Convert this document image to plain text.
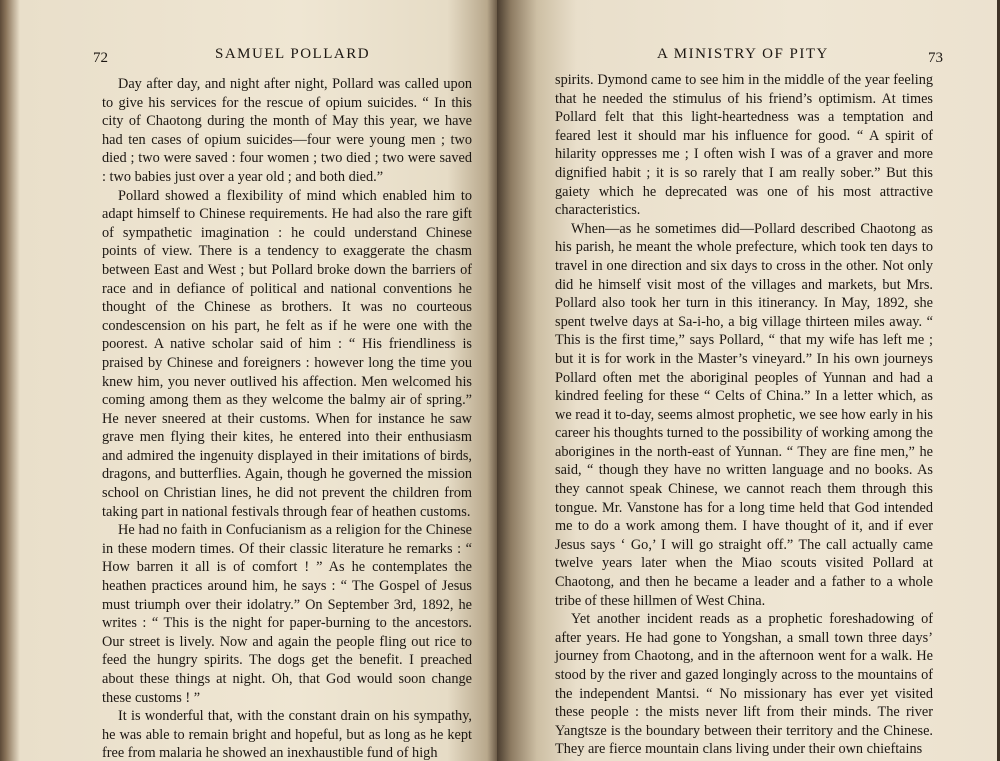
72	SAMUEL POLLARD

Day after day, and night after night, Pollard was called upon to give his services for the rescue of opium suicides. “ In this city of Chaotong during the month of May this year, we have had ten cases of opium suicides—four were young men ; two died ; two were saved : four women ; two died ; two were saved : two babies just over a year old ; and both died.”

Pollard showed a flexibility of mind which enabled him to adapt himself to Chinese requirements. He had also the rare gift of sympathetic imagination : he could understand Chinese points of view. There is a tendency to exaggerate the chasm between East and West ; but Pollard broke down the barriers of race and in defiance of political and national conventions he thought of the Chinese as brothers. It was no courteous condescension on his part, he felt as if he were one with the poorest. A native scholar said of him : “ His friendliness is praised by Chinese and foreigners : however long the time you knew him, you never outlived his affection. Men welcomed his coming among them as they welcome the balmy air of spring.” He never sneered at their customs. When for instance he saw grave men flying their kites, he entered into their enthusiasm and admired the ingenuity displayed in their imitations of birds, dragons, and butterflies. Again, though he governed the mission school on Christian lines, he did not prevent the children from taking part in national festivals through fear of heathen customs.

He had no faith in Confucianism as a religion for the Chinese in these modern times. Of their classic literature he remarks : “ How barren it all is of comfort ! ” As he contemplates the heathen practices around him, he says : “ The Gospel of Jesus must triumph over their idolatry.” On September 3rd, 1892, he writes : “ This is the night for paper-burning to the ancestors. Our street is lively. Now and again the people fling out rice to feed the hungry spirits. The dogs get the benefit. I preached about these things at night. Oh, that God would soon change these customs ! ”

It is wonderful that, with the constant drain on his sympathy, he was able to remain bright and hopeful, but as long as he kept free from malaria he showed an inexhaustible fund of high

A MINISTRY OF PITY	73

spirits. Dymond came to see him in the middle of the year feeling that he needed the stimulus of his friend’s optimism. At times Pollard felt that this light-heartedness was a temptation and feared lest it should mar his influence for good. “ A spirit of hilarity oppresses me ; I often wish I was of a graver and more dignified habit ; it is so rarely that I am really sober.” But this gaiety which he deprecated was one of his most attractive characteristics.

When—as he sometimes did—Pollard described Chaotong as his parish, he meant the whole prefecture, which took ten days to travel in one direction and six days to cross in the other. Not only did he himself visit most of the villages and markets, but Mrs. Pollard also took her turn in this itinerancy. In May, 1892, she spent twelve days at Sa-i-ho, a big village thirteen miles away. “ This is the first time,” says Pollard, “ that my wife has left me ; but it is for work in the Master’s vineyard.” In his own journeys Pollard often met the aboriginal peoples of Yunnan and had a kindred feeling for these “ Celts of China.” In a letter which, as we read it to-day, seems almost prophetic, we see how early in his career his thoughts turned to the possibility of working among the aborigines in the north-east of Yunnan. “ They are fine men,” he said, “ though they have no written language and no books. As they cannot speak Chinese, we cannot reach them through this tongue. Mr. Vanstone has for a long time held that God intended me to do a work among them. I have thought of it, and if ever Jesus says ‘ Go,’ I will go straight off.” The call actually came twelve years later when the Miao scouts visited Pollard at Chaotong, and then he became a leader and a father to a whole tribe of these hillmen of West China.

Yet another incident reads as a prophetic foreshadowing of after years. He had gone to Yongshan, a small town three days’ journey from Chaotong, and in the afternoon went for a walk. He stood by the river and gazed longingly across to the mountains of the independent Mantsi. “ No missionary has ever yet visited these people : the mists never lift from their minds. The river Yangtsze is the boundary between their territory and the Chinese. They are fierce mountain clans living under their own chieftains
